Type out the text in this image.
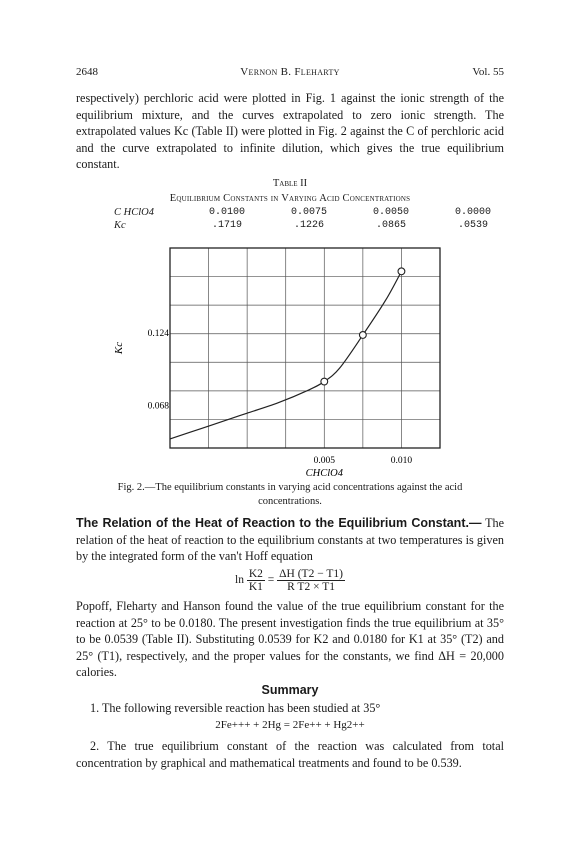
Vernon B. Fleharty
2648	Vol. 55

respectively) perchloric acid were plotted in Fig. 1 against the ionic strength of the equilibrium mixture, and the curves extrapolated to zero ionic strength. The extrapolated values Kc (Table II) were plotted in Fig. 2 against the C of perchloric acid and the curve extrapolated to infinite dilution, which gives the true equilibrium constant.

Table II
Equilibrium Constants in Varying Acid Concentrations
C HClO4	0.0100	0.0075	0.0050	0.0000
Kc	.1719	.1226	.0865	.0539
0.005	0.010
0.068
0.124
Kc
CHClO4
Fig. 2.—The equilibrium constants in varying acid concentrations against the acid concentrations.

The Relation of the Heat of Reaction to the Equilibrium Constant.— The relation of the heat of reaction to the equilibrium constants at two temperatures is given by the integrated form of the van't Hoff equation

$\ln \frac{K2}{K1} = \frac{\Delta H (T2 - T1)}{\text{R T2 × T1}}$

Popoff, Fleharty and Hanson found the value of the true equilibrium constant for the reaction at 25° to be 0.0180. The present investigation finds the true equilibrium at 35° to be 0.0539 (Table II). Substituting 0.0539 for K2 and 0.0180 for K1 at 35° (T2) and 25° (T1), respectively, and the proper values for the constants, we find ΔH = 20,000 calories.

Summary

1. The following reversible reaction has been studied at 35°

2Fe+++ + 2Hg = 2Fe++ + Hg2++

2. The true equilibrium constant of the reaction was calculated from total concentration by graphical and mathematical treatments and found to be 0.539.
